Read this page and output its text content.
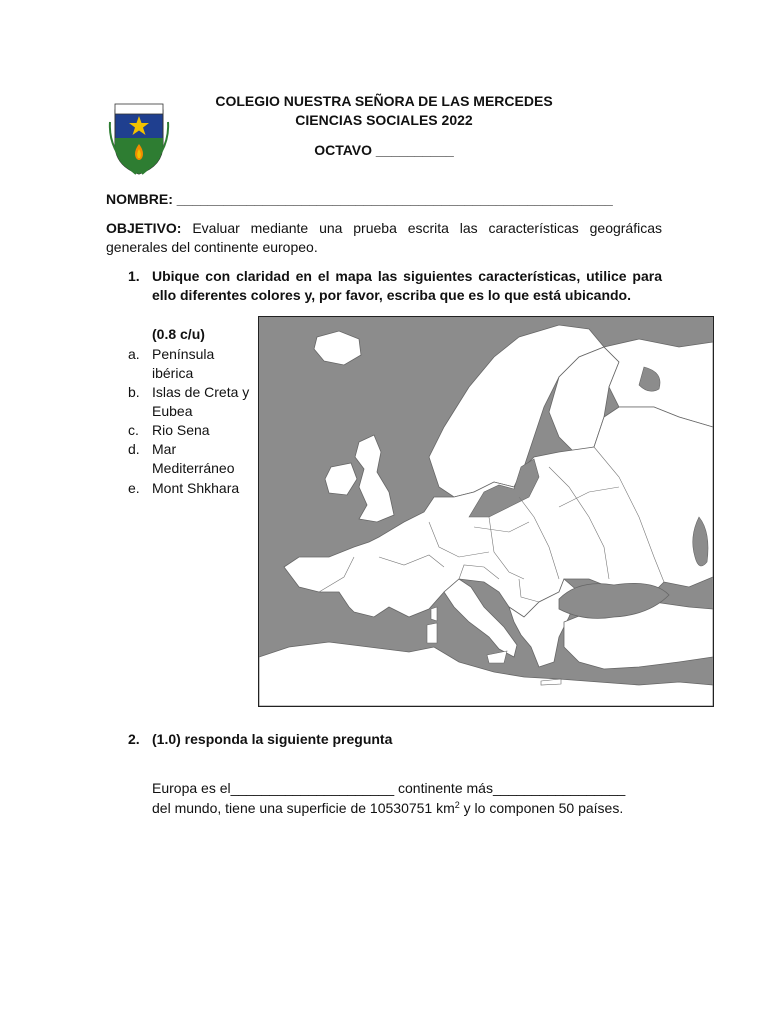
COLEGIO NUESTRA SEÑORA DE LAS MERCEDES
CIENCIAS SOCIALES 2022
OCTAVO __________
NOMBRE: ________________________________________________________
OBJETIVO: Evaluar mediante una prueba escrita las características geográficas generales del continente europeo.
1. Ubique con claridad en el mapa las siguientes características, utilice para ello diferentes colores y, por favor, escriba que es lo que está ubicando.
(0.8 c/u)
a. Península ibérica
b. Islas de Creta y Eubea
c. Rio Sena
d. Mar Mediterráneo
e. Mont Shkhara
2. (1.0) responda la siguiente pregunta
Europa es el_____________________ continente más_________________
del mundo, tiene una superficie de 10530751 $km^2$ y lo componen 50 países.
